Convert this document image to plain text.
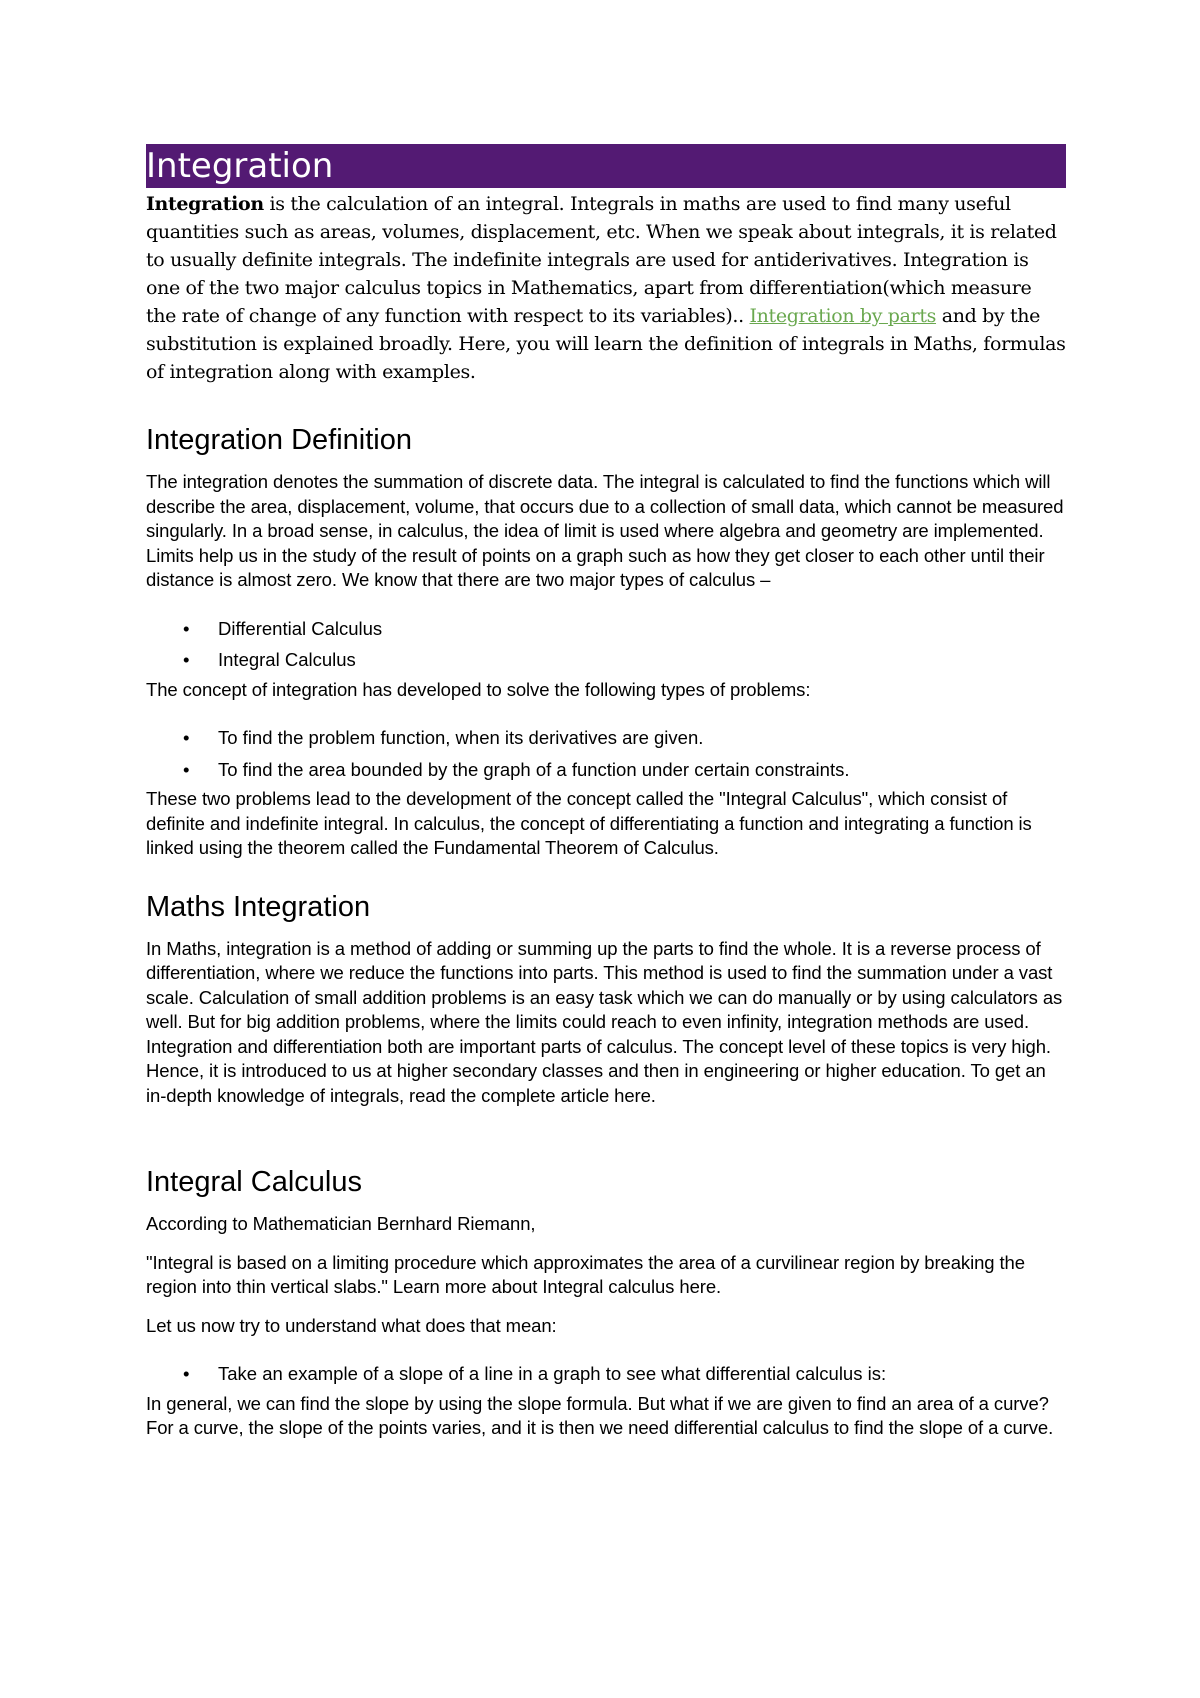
Integration

Integration is the calculation of an integral. Integrals in maths are used to find many useful quantities such as areas, volumes, displacement, etc. When we speak about integrals, it is related to usually definite integrals. The indefinite integrals are used for antiderivatives. Integration is one of the two major calculus topics in Mathematics, apart from differentiation(which measure the rate of change of any function with respect to its variables).. Integration by parts and by the substitution is explained broadly. Here, you will learn the definition of integrals in Maths, formulas of integration along with examples.

Integration Definition

The integration denotes the summation of discrete data. The integral is calculated to find the functions which will describe the area, displacement, volume, that occurs due to a collection of small data, which cannot be measured singularly. In a broad sense, in calculus, the idea of limit is used where algebra and geometry are implemented. Limits help us in the study of the result of points on a graph such as how they get closer to each other until their distance is almost zero. We know that there are two major types of calculus –

• Differential Calculus
• Integral Calculus

The concept of integration has developed to solve the following types of problems:

• To find the problem function, when its derivatives are given.
• To find the area bounded by the graph of a function under certain constraints.

These two problems lead to the development of the concept called the "Integral Calculus", which consist of definite and indefinite integral. In calculus, the concept of differentiating a function and integrating a function is linked using the theorem called the Fundamental Theorem of Calculus.

Maths Integration

In Maths, integration is a method of adding or summing up the parts to find the whole. It is a reverse process of differentiation, where we reduce the functions into parts. This method is used to find the summation under a vast scale. Calculation of small addition problems is an easy task which we can do manually or by using calculators as well. But for big addition problems, where the limits could reach to even infinity, integration methods are used. Integration and differentiation both are important parts of calculus. The concept level of these topics is very high. Hence, it is introduced to us at higher secondary classes and then in engineering or higher education. To get an in-depth knowledge of integrals, read the complete article here.

Integral Calculus

According to Mathematician Bernhard Riemann,

"Integral is based on a limiting procedure which approximates the area of a curvilinear region by breaking the region into thin vertical slabs." Learn more about Integral calculus here.

Let us now try to understand what does that mean:

• Take an example of a slope of a line in a graph to see what differential calculus is:

In general, we can find the slope by using the slope formula. But what if we are given to find an area of a curve? For a curve, the slope of the points varies, and it is then we need differential calculus to find the slope of a curve.
